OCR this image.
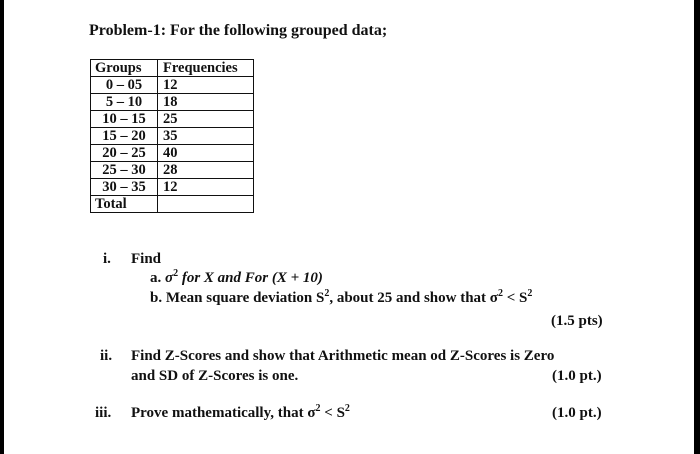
Problem-1: For the following grouped data;
Groups	Frequencies
0 – 05	12
5 – 10	18
10 – 15	25
15 – 20	35
20 – 25	40
25 – 30	28
30 – 35	12
Total	
i. Find
a. $\sigma^2$ for X and For (X + 10)
b. Mean square deviation $S^2$, about 25 and show that $\sigma^2 < S^2$
(1.5 pts)
ii. Find Z-Scores and show that Arithmetic mean od Z-Scores is Zero
and SD of Z-Scores is one.	(1.0 pt.)
iii. Prove mathematically, that $\sigma^2 < S^2$	(1.0 pt.)
